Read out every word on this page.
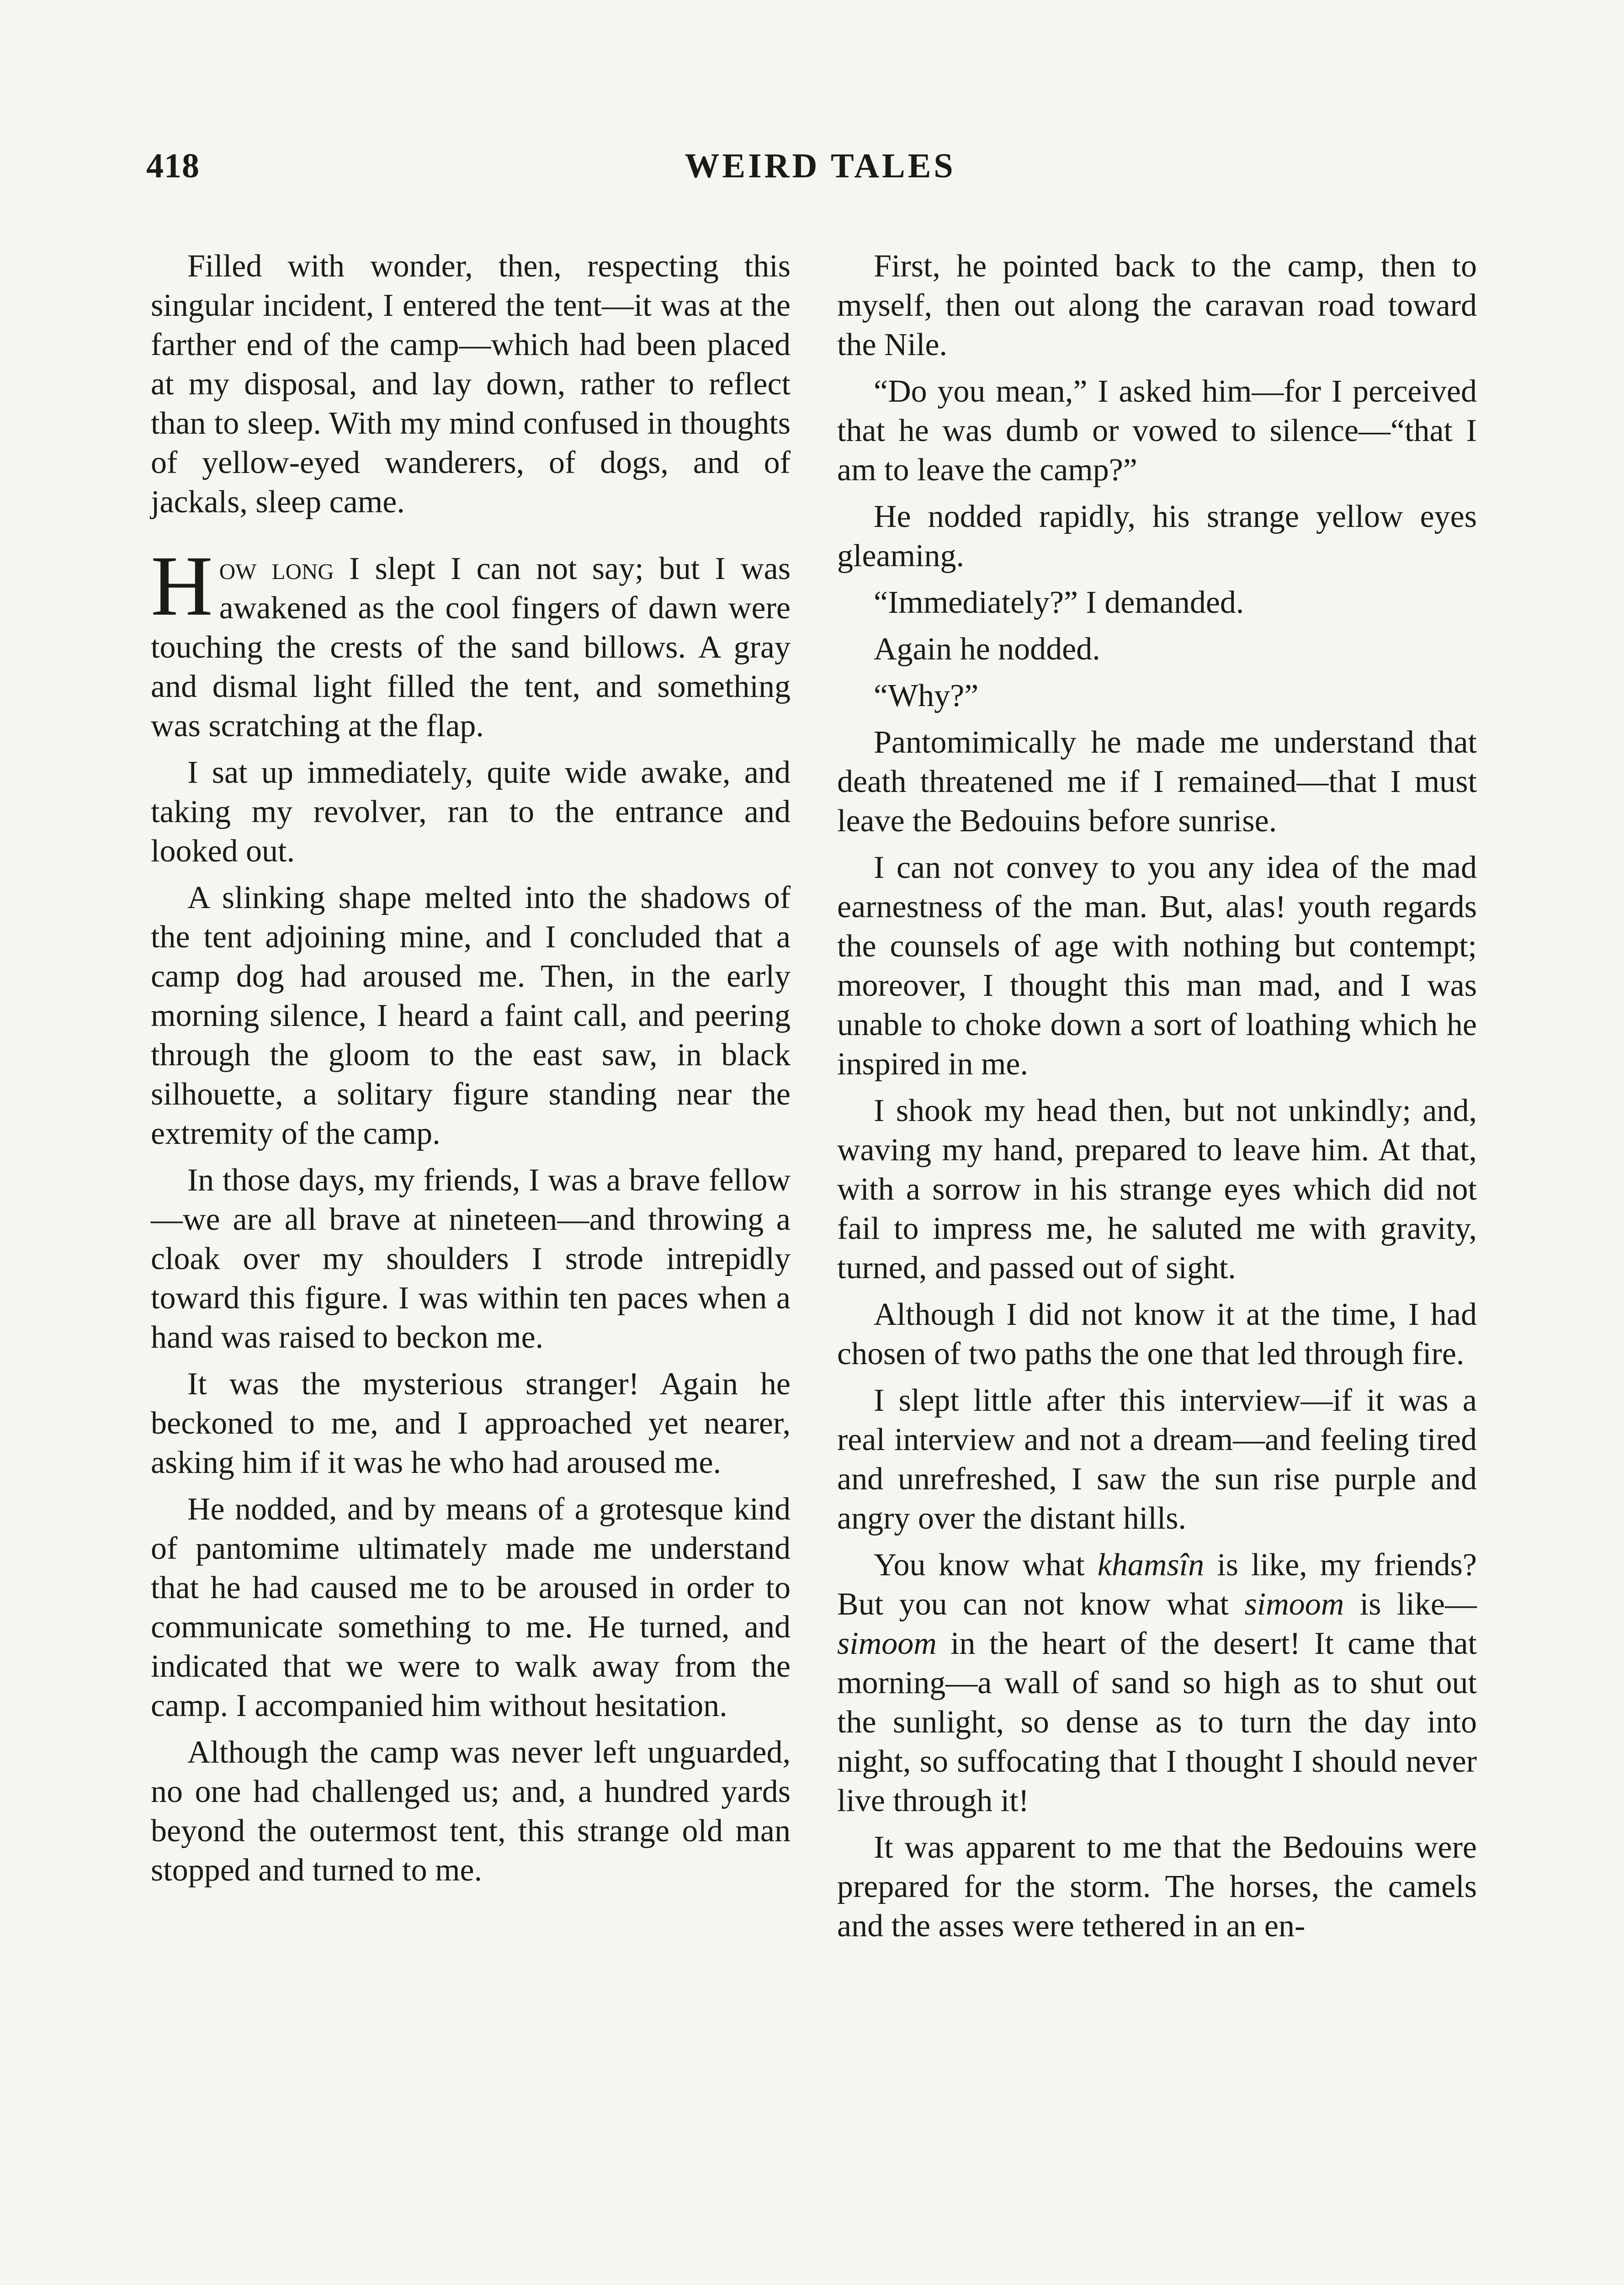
418	WEIRD TALES

Filled with wonder, then, respecting this singular incident, I entered the tent—it was at the farther end of the camp—which had been placed at my disposal, and lay down, rather to reflect than to sleep. With my mind confused in thoughts of yellow-eyed wanderers, of dogs, and of jackals, sleep came.

How long I slept I can not say; but I was awakened as the cool fingers of dawn were touching the crests of the sand billows. A gray and dismal light filled the tent, and something was scratching at the flap.

I sat up immediately, quite wide awake, and taking my revolver, ran to the entrance and looked out.

A slinking shape melted into the shadows of the tent adjoining mine, and I concluded that a camp dog had aroused me. Then, in the early morning silence, I heard a faint call, and peering through the gloom to the east saw, in black silhouette, a solitary figure standing near the extremity of the camp.

In those days, my friends, I was a brave fellow—we are all brave at nineteen—and throwing a cloak over my shoulders I strode intrepidly toward this figure. I was within ten paces when a hand was raised to beckon me.

It was the mysterious stranger! Again he beckoned to me, and I approached yet nearer, asking him if it was he who had aroused me.

He nodded, and by means of a grotesque kind of pantomime ultimately made me understand that he had caused me to be aroused in order to communicate something to me. He turned, and indicated that we were to walk away from the camp. I accompanied him without hesitation.

Although the camp was never left unguarded, no one had challenged us; and, a hundred yards beyond the outermost tent, this strange old man stopped and turned to me.

First, he pointed back to the camp, then to myself, then out along the caravan road toward the Nile.

“Do you mean,” I asked him—for I perceived that he was dumb or vowed to silence—“that I am to leave the camp?”

He nodded rapidly, his strange yellow eyes gleaming.

“Immediately?” I demanded.

Again he nodded.

“Why?”

Pantomimically he made me understand that death threatened me if I remained—that I must leave the Bedouins before sunrise.

I can not convey to you any idea of the mad earnestness of the man. But, alas! youth regards the counsels of age with nothing but contempt; moreover, I thought this man mad, and I was unable to choke down a sort of loathing which he inspired in me.

I shook my head then, but not unkindly; and, waving my hand, prepared to leave him. At that, with a sorrow in his strange eyes which did not fail to impress me, he saluted me with gravity, turned, and passed out of sight.

Although I did not know it at the time, I had chosen of two paths the one that led through fire.

I slept little after this interview—if it was a real interview and not a dream—and feeling tired and unrefreshed, I saw the sun rise purple and angry over the distant hills.

You know what khamsîn is like, my friends? But you can not know what simoom is like—simoom in the heart of the desert! It came that morning—a wall of sand so high as to shut out the sunlight, so dense as to turn the day into night, so suffocating that I thought I should never live through it!

It was apparent to me that the Bedouins were prepared for the storm. The horses, the camels and the asses were tethered in an en-
